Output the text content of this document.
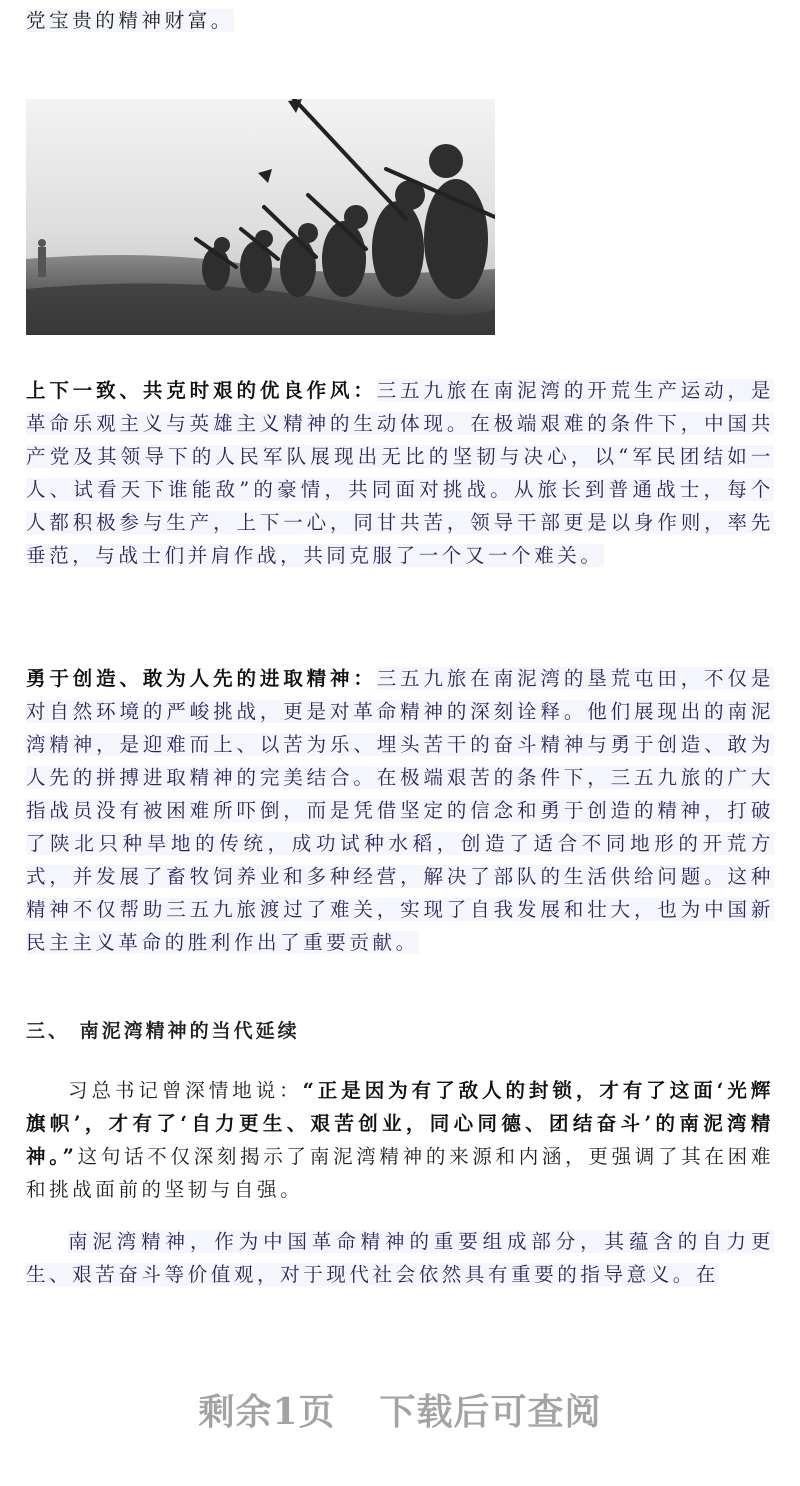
党宝贵的精神财富。
上下一致、共克时艰的优良作风：三五九旅在南泥湾的开荒生产运动，是革命乐观主义与英雄主义精神的生动体现。在极端艰难的条件下，中国共产党及其领导下的人民军队展现出无比的坚韧与决心，以“军民团结如一人、试看天下谁能敌”的豪情，共同面对挑战。从旅长到普通战士，每个人都积极参与生产，上下一心，同甘共苦，领导干部更是以身作则，率先垂范，与战士们并肩作战，共同克服了一个又一个难关。
勇于创造、敢为人先的进取精神：三五九旅在南泥湾的垦荒屯田，不仅是对自然环境的严峻挑战，更是对革命精神的深刻诠释。他们展现出的南泥湾精神，是迎难而上、以苦为乐、埋头苦干的奋斗精神与勇于创造、敢为人先的拼搏进取精神的完美结合。在极端艰苦的条件下，三五九旅的广大指战员没有被困难所吓倒，而是凭借坚定的信念和勇于创造的精神，打破了陕北只种旱地的传统，成功试种水稻，创造了适合不同地形的开荒方式，并发展了畜牧饲养业和多种经营，解决了部队的生活供给问题。这种精神不仅帮助三五九旅渡过了难关，实现了自我发展和壮大，也为中国新民主主义革命的胜利作出了重要贡献。
三、 南泥湾精神的当代延续
习总书记曾深情地说：“正是因为有了敌人的封锁，才有了这面‘光辉旗帜’，才有了‘自力更生、艰苦创业，同心同德、团结奋斗’的南泥湾精神。”这句话不仅深刻揭示了南泥湾精神的来源和内涵，更强调了其在困难和挑战面前的坚韧与自强。
南泥湾精神，作为中国革命精神的重要组成部分，其蕴含的自力更生、艰苦奋斗等价值观，对于现代社会依然具有重要的指导意义。在
剩余1页 下载后可查阅
